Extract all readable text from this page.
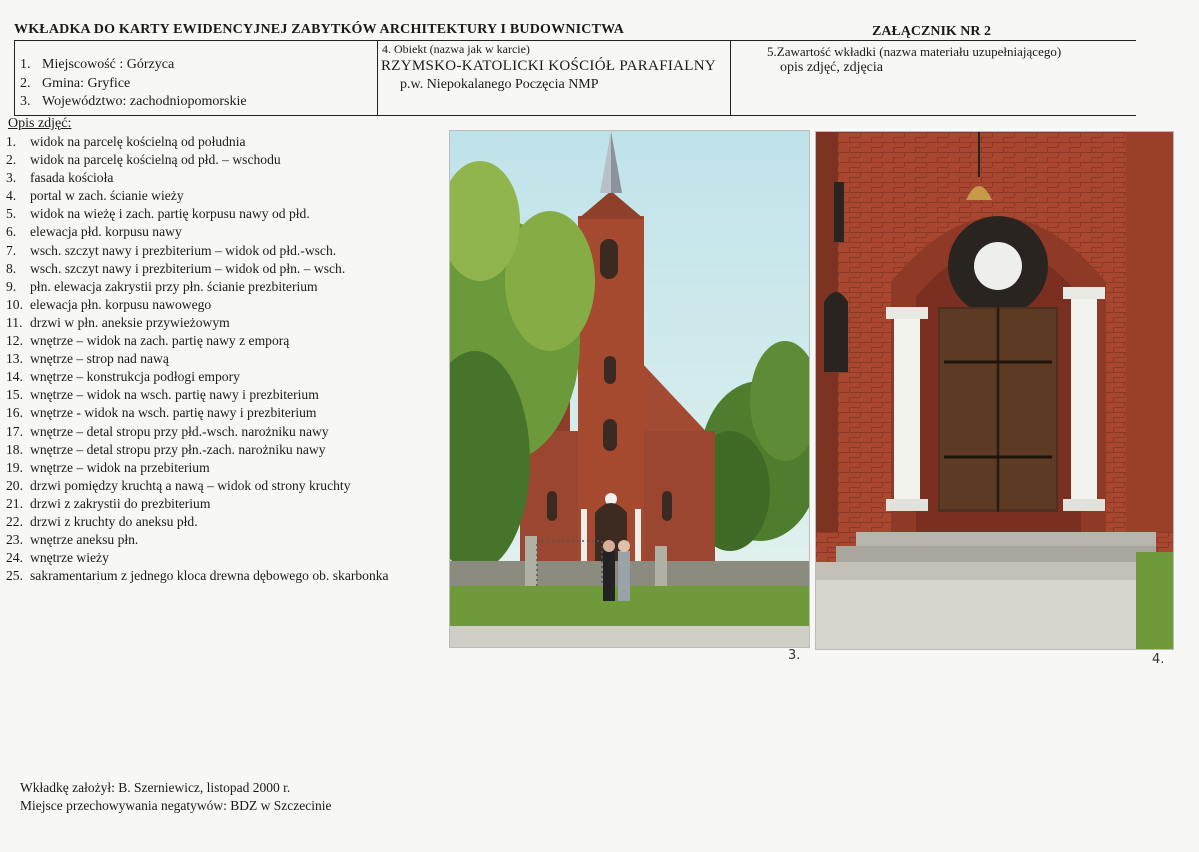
WKŁADKA DO KARTY EWIDENCYJNEJ ZABYTKÓW ARCHITEKTURY I BUDOWNICTWA	ZAŁĄCZNIK NR 2
1. Miejscowość : Górzyca
2. Gmina: Gryfice
3. Województwo: zachodniopomorskie
4. Obiekt (nazwa jak w karcie)
RZYMSKO-KATOLICKI KOŚCIÓŁ PARAFIALNY
p.w. Niepokalanego Poczęcia NMP
5.Zawartość wkładki (nazwa materiału uzupełniającego)
opis zdjęć, zdjęcia
Opis zdjęć:
1. widok na parcelę kościelną od południa
2. widok na parcelę kościelną od płd. – wschodu
3. fasada kościoła
4. portal w zach. ścianie wieży
5. widok na wieżę i zach. partię korpusu nawy od płd.
6. elewacja płd. korpusu nawy
7. wsch. szczyt nawy i prezbiterium – widok od płd.-wsch.
8. wsch. szczyt nawy i prezbiterium – widok od płn. – wsch.
9. płn. elewacja zakrystii przy płn. ścianie prezbiterium
10. elewacja płn. korpusu nawowego
11. drzwi w płn. aneksie przywieżowym
12. wnętrze – widok na zach. partię nawy z emporą
13. wnętrze – strop nad nawą
14. wnętrze – konstrukcja podłogi empory
15. wnętrze – widok na wsch. partię nawy i prezbiterium
16. wnętrze - widok na wsch. partię nawy i prezbiterium
17. wnętrze – detal stropu przy płd.-wsch. narożniku nawy
18. wnętrze – detal stropu przy płn.-zach. narożniku nawy
19. wnętrze – widok na przebiterium
20. drzwi pomiędzy kruchtą a nawą – widok od strony kruchty
21. drzwi z zakrystii do prezbiterium
22. drzwi z kruchty do aneksu płd.
23. wnętrze aneksu płn.
24. wnętrze wieży
25. sakramentarium z jednego kloca drewna dębowego ob. skarbonka
3.	4.
Wkładkę założył: B. Szerniewicz, listopad 2000 r.
Miejsce przechowywania negatywów: BDZ w Szczecinie
